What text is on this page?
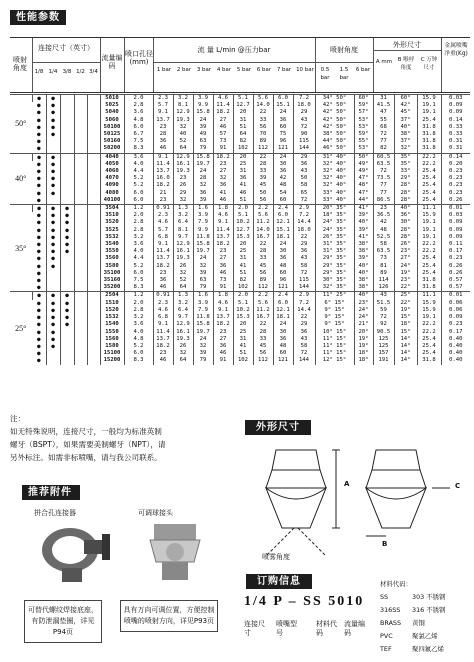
性能参数
喷射角度
连接尺寸（英寸）
1/8 1/4 3/8 1/2 3/4
流量编码
喷口孔径(mm)
流 量 L/min @压力bar
1 bar	2 bar	3 bar	4 bar	5 bar	6 bar	7 bar 10 bar
喷射角度
0.5 bar
1.5 bar
6 bar
外形尺寸
A mm	B 喉呼角度
C 万钟 尺寸
金属喷嘴净重(Kg)
50°	●	●				5010	2.0	2.3	3.2	3.9	4.6	5.1	5.6	6.0	7.2	34° 50°	60°	31	60°	15.9	0.03
	●	●				5025	2.8	5.7	8.1	9.9	11.4	12.7	14.0	15.1	18.0	42° 50°	59°	41.5	42°	19.1	0.09
	●	●				5040	3.6	9.1	12.9	15.8	18.2	20	22	24	29	42° 50°	57°	47	45°	19.1	0.09
	●	●				5060	4.8	13.7	19.3	24	27	31	33	36	43	42° 50°	53°	55	37°	25.4	0.14
	●	●				50100	6.0	23	32	39	46	51	56	60	72	42° 50°	53°	68	40°	31.8	0.33
	●	●				50125	6.7	28	40	49	57	64	70	75	90	38° 50°	59°	72	38°	31.8	0.33
	●					50160	7.5	36	52	63	73	82	89	96	115	44° 50°	55°	77	37°	31.8	0.31
	●					50200	8.3	46	64	79	91	102	112	121	144	46° 50°	53°	82	32°	31.8	0.31
40°	●	●				4040	3.6	9.1	12.9	15.8	18.2	20	22	24	29	31° 40°	50°	60.5	35°	22.2	0.14
	●	●				4050	4.0	11.4	16.1	19.7	23	25	28	30	36	32° 40°	49°	63.5	35°	22.2	0.20
	●	●				4060	4.4	13.7	19.3	24	27	31	33	36	43	32° 40°	49°	72	33°	25.4	0.23
	●	●				4070	5.2	16.0	23	28	32	36	39	42	50	32° 40°	47°	73.5	29°	25.4	0.23
	●	●				4090	5.2	18.2	26	32	36	41	45	48	58	32° 40°	48°	77	28°	25.4	0.23
	●	●				4080	6.0	21	29	36	41	46	50	54	65	33° 40°	47°	77	28°	25.4	0.23
	●					40100	6.0	23	32	39	46	51	56	60	72	33° 40°	44°	86.5	28°	25.4	0.26
35°	●	●	●			3504	1.2	0.91	1.3	1.6	1.8	2.0	2.2	2.4	2.9	20° 35°	41°	23	40°	11.1	0.01
	●	●	●			3510	2.0	2.3	3.2	3.9	4.6	5.1	5.6	6.0	7.2	18° 35°	39°	36.5	36°	15.9	0.03
	●	●	●			3520	2.8	4.6	6.4	7.9	9.1	10.2	11.2	12.1	14.4	24° 35°	40°	42	30°	19.1	0.09
	●	●	●			3525	2.8	5.7	8.1	9.9	11.4	12.7	14.0	15.1	18.0	24° 35°	39°	48	28°	19.1	0.09
	●	●	●			3532	3.2	6.8	9.7	11.8	13.7	15.3	16.7	18.1	22	26° 35°	41°	52.5	28°	19.1	0.09
	●	●	●			3540	3.6	9.1	12.9	15.8	18.2	20	22	24	29	31° 35°	38°	58	26°	22.2	0.11
	●	●	●			3550	4.0	11.4	16.1	19.7	23	25	28	30	36	31° 35°	38°	63.5	23°	22.2	0.17
	●	●				3560	4.4	13.7	19.3	24	27	31	33	36	43	29° 35°	39°	73	27°	25.4	0.23
	●	●				3580	5.2	18.2	26	32	36	41	45	48	58	29° 35°	40°	81	24°	25.4	0.26
	●					35100	6.0	23	32	39	46	51	56	60	72	29° 35°	40°	89	19°	25.4	0.26
	●					35160	7.5	36	52	63	73	82	89	96	115	30° 35°	38°	114	23°	31.8	0.57
	●					35200	8.3	46	64	79	91	102	112	121	144	32° 35°	38°	126	22°	31.8	0.57
25°	●	●	●			2504	1.2	0.91	1.3	1.6	1.8	2.0	2.2	2.4	2.9	11° 25°	40°	43	25°	11.1	0.01
	●	●	●			1510	2.0	2.3	3.2	3.9	4.6	5.1	5.6	6.0	7.2	6° 15°	23°	51.5	22°	15.9	0.06
	●	●	●			1520	2.8	4.6	6.4	7.9	9.1	10.2	11.2	12.1	14.4	9° 15°	24°	59	19°	15.9	0.06
	●	●	●			1532	3.2	6.8	9.7	11.8	13.7	15.3	16.7	18.1	22	9° 15°	24°	72	15°	19.1	0.09
	●	●	●			1540	3.6	9.1	12.9	15.8	18.2	20	22	24	29	9° 15°	21°	92	18°	22.2	0.23
	●	●				1550	4.0	11.4	16.1	19.7	23	25	28	30	36	10° 15°	20°	90.5	15°	22.2	0.17
	●	●				1560	4.8	13.7	19.3	24	27	31	33	36	43	11° 15°	19°	125	14°	25.4	0.40
	●	●				1580	5.2	18.2	26	32	36	41	45	48	58	11° 15°	19°	125	14°	25.4	0.40
	●					15100	6.0	23	32	39	46	51	56	60	72	11° 15°	18°	157	14°	25.4	0.40
	●					15200	8.3	46	64	79	91	102	112	121	144	12° 15°	18°	191	14°	31.8	0.40

注：

如无特殊说明，连接尺寸，一般均为标准英制

螺牙（BSPT），如果需要美制螺牙（NPT），请

另外标注。如需非标喷嘴，请与我公司联系。

推荐附件
拼合孔连接器	可调球接头
可替代螺纹焊接底座，有防泄漏垫圈，详见P94页
具有万向可调位置，方便控制喷嘴的喷射方向，详见P93页
外形尺寸
A
B
C
喷雾角度
订购信息
1/4 P – SS 5010
连接尺寸
喷嘴型号
材料代码
流量编码
材料代码：
SS	303 不锈钢
316SS 316 不锈钢
BRASS 黄铜
PVC	聚氯乙烯
TEF	聚四氟乙烯
